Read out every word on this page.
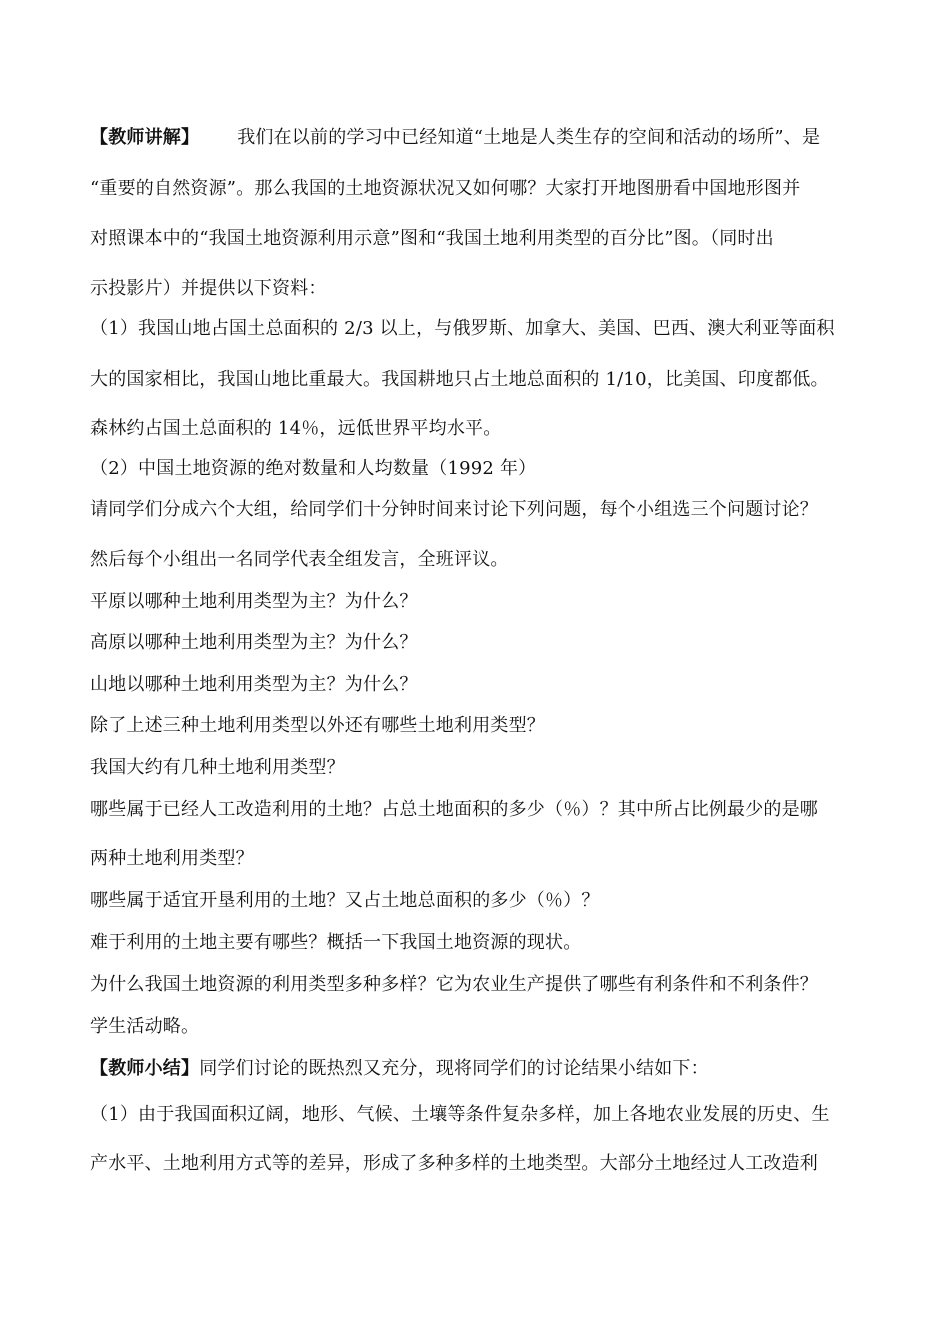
【教师讲解】 我们在以前的学习中已经知道“土地是人类生存的空间和活动的场所”、是
“重要的自然资源”。那么我国的土地资源状况又如何哪？大家打开地图册看中国地形图并
对照课本中的“我国土地资源利用示意”图和“我国土地利用类型的百分比”图。（同时出
示投影片）并提供以下资料：
（1）我国山地占国土总面积的 2/3 以上，与俄罗斯、加拿大、美国、巴西、澳大利亚等面积
大的国家相比，我国山地比重最大。我国耕地只占土地总面积的 1/10，比美国、印度都低。
森林约占国土总面积的 14％，远低世界平均水平。
（2）中国土地资源的绝对数量和人均数量（1992 年）
请同学们分成六个大组，给同学们十分钟时间来讨论下列问题，每个小组选三个问题讨论？
然后每个小组出一名同学代表全组发言，全班评议。
平原以哪种土地利用类型为主？为什么？
高原以哪种土地利用类型为主？为什么？
山地以哪种土地利用类型为主？为什么？
除了上述三种土地利用类型以外还有哪些土地利用类型？
我国大约有几种土地利用类型？
哪些属于已经人工改造利用的土地？占总土地面积的多少（％）？其中所占比例最少的是哪
两种土地利用类型？
哪些属于适宜开垦利用的土地？又占土地总面积的多少（％）？
难于利用的土地主要有哪些？概括一下我国土地资源的现状。
为什么我国土地资源的利用类型多种多样？它为农业生产提供了哪些有利条件和不利条件？
学生活动略。
【教师小结】同学们讨论的既热烈又充分，现将同学们的讨论结果小结如下：
（1）由于我国面积辽阔，地形、气候、土壤等条件复杂多样，加上各地农业发展的历史、生
产水平、土地利用方式等的差异，形成了多种多样的土地类型。大部分土地经过人工改造利
